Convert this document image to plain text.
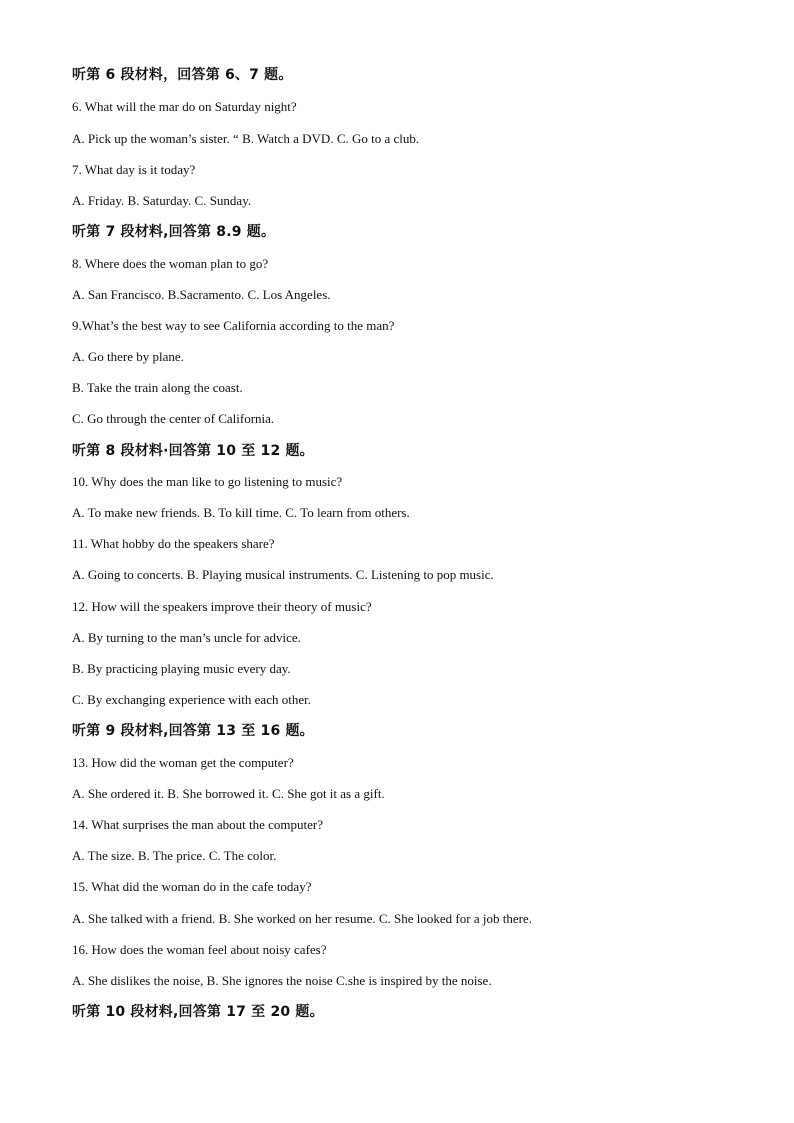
听第 6 段材料，回答第 6、7 题。
6. What will the mar do on Saturday night?
A. Pick up the woman’s sister. “ B. Watch a DVD. C. Go to a club.
7. What day is it today?
A. Friday. B. Saturday. C. Sunday.
听第 7 段材料,回答第 8.9 题。
8. Where does the woman plan to go?
A. San Francisco. B.Sacramento. C. Los Angeles.
9.What’s the best way to see California according to the man?
A. Go there by plane.
B. Take the train along the coast.
C. Go through the center of California.
听第 8 段材料·回答第 10 至 12 题。
10. Why does the man like to go listening to music?
A. To make new friends. B. To kill time. C. To learn from others.
11. What hobby do the speakers share?
A. Going to concerts. B. Playing musical instruments. C. Listening to pop music.
12. How will the speakers improve their theory of music?
A. By turning to the man’s uncle for advice.
B. By practicing playing music every day.
C. By exchanging experience with each other.
听第 9 段材料,回答第 13 至 16 题。
13. How did the woman get the computer?
A. She ordered it. B. She borrowed it. C. She got it as a gift.
14. What surprises the man about the computer?
A. The size. B. The price. C. The color.
15. What did the woman do in the cafe today?
A. She talked with a friend. B. She worked on her resume. C. She looked for a job there.
16. How does the woman feel about noisy cafes?
A. She dislikes the noise, B. She ignores the noise C.she is inspired by the noise.
听第 10 段材料,回答第 17 至 20 题。
